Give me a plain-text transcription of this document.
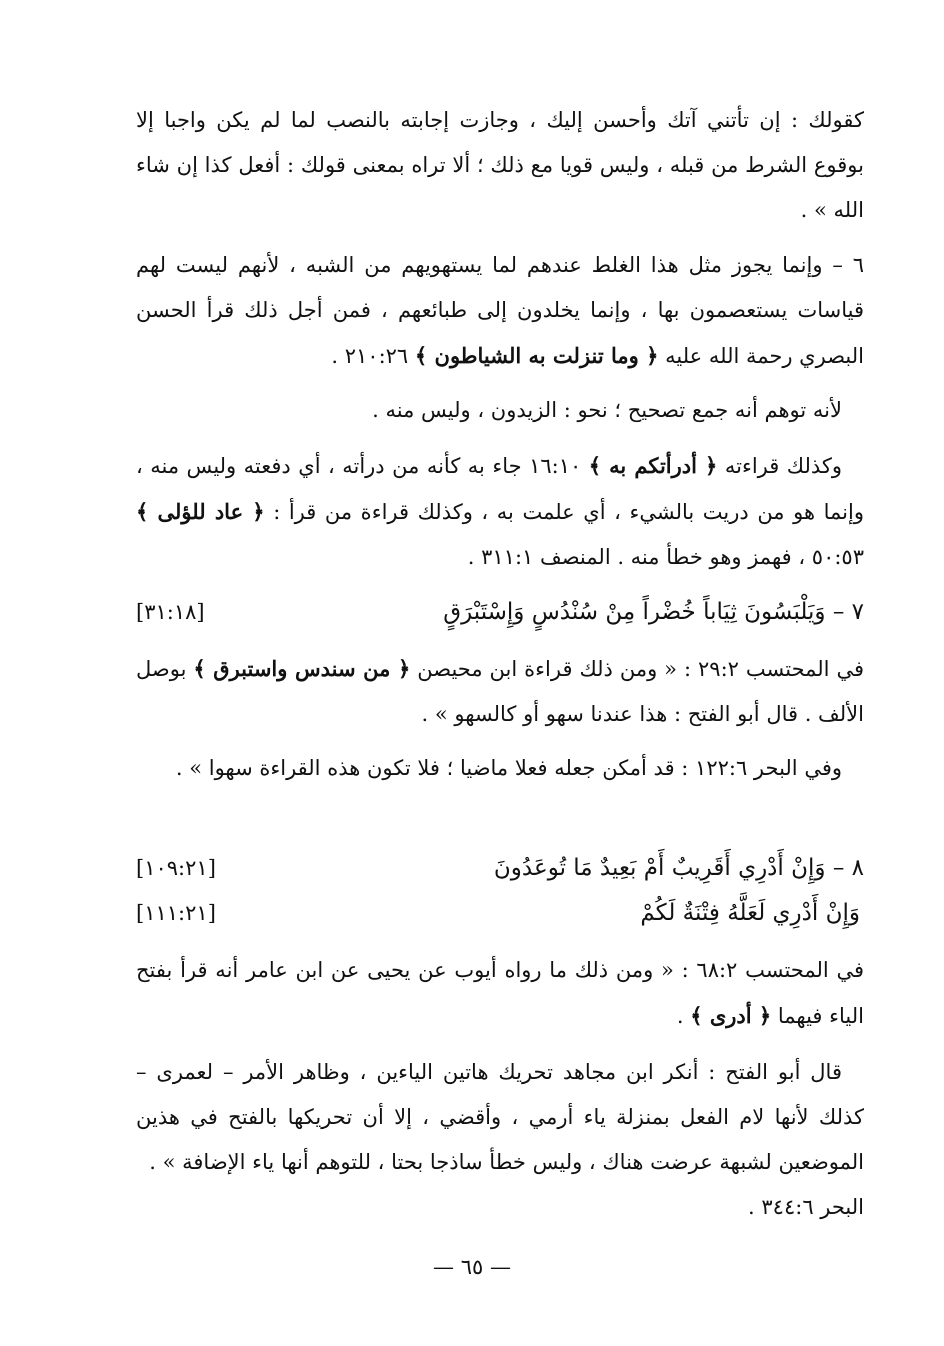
كقولك : إن تأتني آتك وأحسن إليك ، وجازت إجابته بالنصب لما لم يكن واجبا إلا بوقوع الشرط من قبله ، وليس قويا مع ذلك ؛ ألا تراه بمعنى قولك : أفعل كذا إن شاء الله » .

٦ – وإنما يجوز مثل هذا الغلط عندهم لما يستهويهم من الشبه ، لأنهم ليست لهم قياسات يستعصمون بها ، وإنما يخلدون إلى طبائعهم ، فمن أجل ذلك قرأ الحسن البصري رحمة الله عليه ﴿ وما تنزلت به الشياطون ﴾ ٢١٠:٢٦ .

لأنه توهم أنه جمع تصحيح ؛ نحو : الزيدون ، وليس منه .

وكذلك قراءته ﴿ أدرأتكم به ﴾ ١٦:١٠ جاء به كأنه من درأته ، أي دفعته وليس منه ، وإنما هو من دريت بالشيء ، أي علمت به ، وكذلك قراءة من قرأ : ﴿ عاد للؤلى ﴾ ٥٠:٥٣ ، فهمز وهو خطأ منه . المنصف ٣١١:١ .

٧ – وَيَلْبَسُونَ ثِيَاباً خُضْراً مِنْ سُنْدُسٍ وَإِسْتَبْرَقٍ
[٣١:١٨]

في المحتسب ٢٩:٢ : « ومن ذلك قراءة ابن محيصن ﴿ من سندس واستبرق ﴾ بوصل الألف . قال أبو الفتح : هذا عندنا سهو أو كالسهو » .

وفي البحر ١٢٢:٦ : قد أمكن جعله فعلا ماضيا ؛ فلا تكون هذه القراءة سهوا » .

٨ – وَإِنْ أَدْرِي أَقَرِيبٌ أَمْ بَعِيدٌ مَا تُوعَدُونَ
[١٠٩:٢١]
وَإِنْ أَدْرِي لَعَلَّهُ فِتْنَةٌ لَكُمْ
[١١١:٢١]

في المحتسب ٦٨:٢ : « ومن ذلك ما رواه أيوب عن يحيى عن ابن عامر أنه قرأ بفتح الياء فيهما ﴿ أدرى ﴾ .

قال أبو الفتح : أنكر ابن مجاهد تحريك هاتين الياءين ، وظاهر الأمر – لعمرى – كذلك لأنها لام الفعل بمنزلة ياء أرمي ، وأقضي ، إلا أن تحريكها بالفتح في هذين الموضعين لشبهة عرضت هناك ، وليس خطأ ساذجا بحتا ، للتوهم أنها ياء الإضافة » .

البحر ٣٤٤:٦ .

— ٦٥ —
